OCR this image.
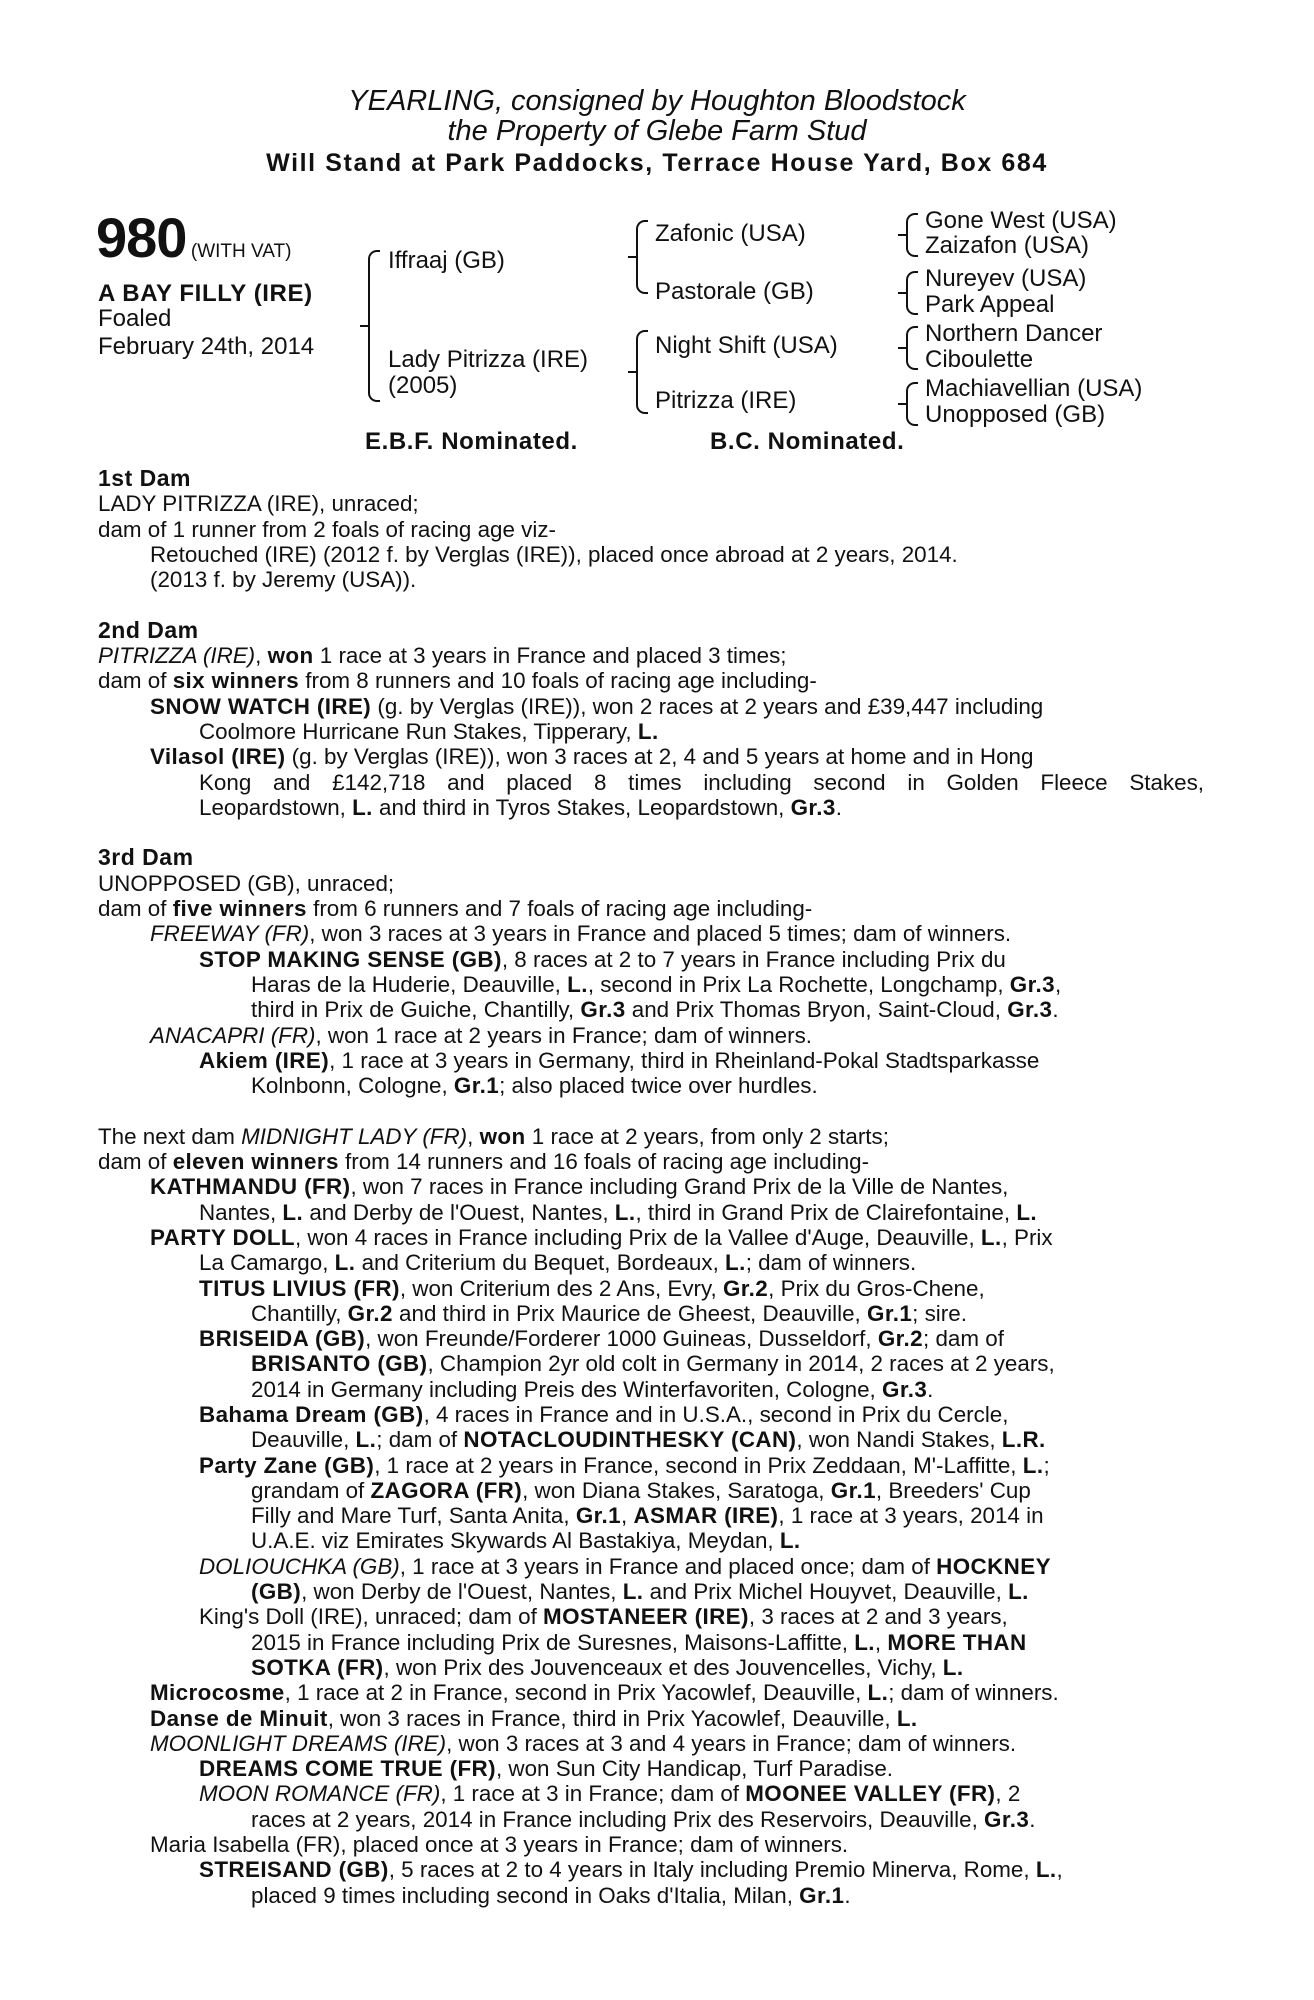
YEARLING, consigned by Houghton Bloodstock
the Property of Glebe Farm Stud
Will Stand at Park Paddocks, Terrace House Yard, Box 684
980 (WITH VAT)
A BAY FILLY (IRE)
Foaled
February 24th, 2014
Iffraaj (GB)
Lady Pitrizza (IRE)
(2005)
Zafonic (USA)
Pastorale (GB)
Night Shift (USA)
Pitrizza (IRE)
Gone West (USA)
Zaizafon (USA)
Nureyev (USA)
Park Appeal
Northern Dancer
Ciboulette
Machiavellian (USA)
Unopposed (GB)
E.B.F. Nominated.	B.C. Nominated.
1st Dam
LADY PITRIZZA (IRE), unraced;
dam of 1 runner from 2 foals of racing age viz-
Retouched (IRE) (2012 f. by Verglas (IRE)), placed once abroad at 2 years, 2014.
(2013 f. by Jeremy (USA)).
2nd Dam
PITRIZZA (IRE), won 1 race at 3 years in France and placed 3 times;
dam of six winners from 8 runners and 10 foals of racing age including-
SNOW WATCH (IRE) (g. by Verglas (IRE)), won 2 races at 2 years and £39,447 including
Coolmore Hurricane Run Stakes, Tipperary, L.
Vilasol (IRE) (g. by Verglas (IRE)), won 3 races at 2, 4 and 5 years at home and in Hong
Kong and £142,718 and placed 8 times including second in Golden Fleece Stakes,
Leopardstown, L. and third in Tyros Stakes, Leopardstown, Gr.3.
3rd Dam
UNOPPOSED (GB), unraced;
dam of five winners from 6 runners and 7 foals of racing age including-
FREEWAY (FR), won 3 races at 3 years in France and placed 5 times; dam of winners.
STOP MAKING SENSE (GB), 8 races at 2 to 7 years in France including Prix du
Haras de la Huderie, Deauville, L., second in Prix La Rochette, Longchamp, Gr.3,
third in Prix de Guiche, Chantilly, Gr.3 and Prix Thomas Bryon, Saint-Cloud, Gr.3.
ANACAPRI (FR), won 1 race at 2 years in France; dam of winners.
Akiem (IRE), 1 race at 3 years in Germany, third in Rheinland-Pokal Stadtsparkasse
Kolnbonn, Cologne, Gr.1; also placed twice over hurdles.
The next dam MIDNIGHT LADY (FR), won 1 race at 2 years, from only 2 starts;
dam of eleven winners from 14 runners and 16 foals of racing age including-
KATHMANDU (FR), won 7 races in France including Grand Prix de la Ville de Nantes,
Nantes, L. and Derby de l'Ouest, Nantes, L., third in Grand Prix de Clairefontaine, L.
PARTY DOLL, won 4 races in France including Prix de la Vallee d'Auge, Deauville, L., Prix
La Camargo, L. and Criterium du Bequet, Bordeaux, L.; dam of winners.
TITUS LIVIUS (FR), won Criterium des 2 Ans, Evry, Gr.2, Prix du Gros-Chene,
Chantilly, Gr.2 and third in Prix Maurice de Gheest, Deauville, Gr.1; sire.
BRISEIDA (GB), won Freunde/Forderer 1000 Guineas, Dusseldorf, Gr.2; dam of
BRISANTO (GB), Champion 2yr old colt in Germany in 2014, 2 races at 2 years,
2014 in Germany including Preis des Winterfavoriten, Cologne, Gr.3.
Bahama Dream (GB), 4 races in France and in U.S.A., second in Prix du Cercle,
Deauville, L.; dam of NOTACLOUDINTHESKY (CAN), won Nandi Stakes, L.R.
Party Zane (GB), 1 race at 2 years in France, second in Prix Zeddaan, M'-Laffitte, L.;
grandam of ZAGORA (FR), won Diana Stakes, Saratoga, Gr.1, Breeders' Cup
Filly and Mare Turf, Santa Anita, Gr.1, ASMAR (IRE), 1 race at 3 years, 2014 in
U.A.E. viz Emirates Skywards Al Bastakiya, Meydan, L.
DOLIOUCHKA (GB), 1 race at 3 years in France and placed once; dam of HOCKNEY
(GB), won Derby de l'Ouest, Nantes, L. and Prix Michel Houyvet, Deauville, L.
King's Doll (IRE), unraced; dam of MOSTANEER (IRE), 3 races at 2 and 3 years,
2015 in France including Prix de Suresnes, Maisons-Laffitte, L., MORE THAN
SOTKA (FR), won Prix des Jouvenceaux et des Jouvencelles, Vichy, L.
Microcosme, 1 race at 2 in France, second in Prix Yacowlef, Deauville, L.; dam of winners.
Danse de Minuit, won 3 races in France, third in Prix Yacowlef, Deauville, L.
MOONLIGHT DREAMS (IRE), won 3 races at 3 and 4 years in France; dam of winners.
DREAMS COME TRUE (FR), won Sun City Handicap, Turf Paradise.
MOON ROMANCE (FR), 1 race at 3 in France; dam of MOONEE VALLEY (FR), 2
races at 2 years, 2014 in France including Prix des Reservoirs, Deauville, Gr.3.
Maria Isabella (FR), placed once at 3 years in France; dam of winners.
STREISAND (GB), 5 races at 2 to 4 years in Italy including Premio Minerva, Rome, L.,
placed 9 times including second in Oaks d'Italia, Milan, Gr.1.
